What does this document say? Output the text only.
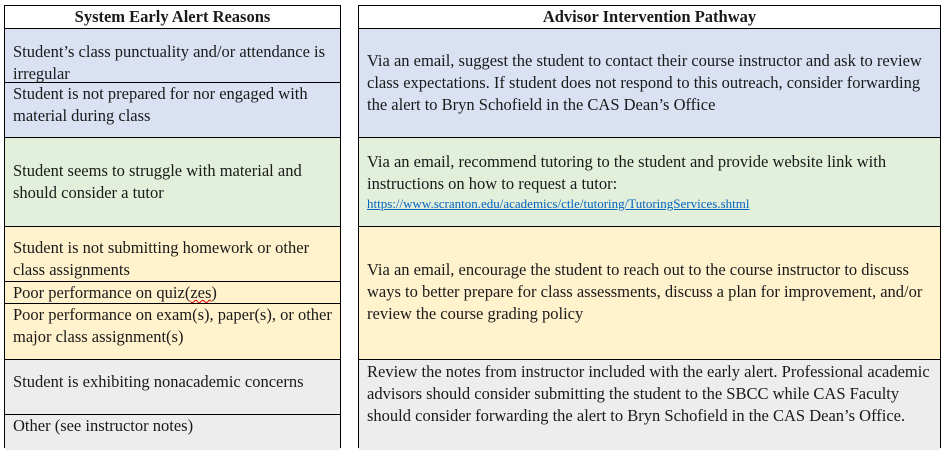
System Early Alert Reasons
Student’s class punctuality and/or attendance is irregular
Student is not prepared for nor engaged with material during class
Student seems to struggle with material and should consider a tutor
Student is not submitting homework or other class assignments
Poor performance on quiz(zes)
Poor performance on exam(s), paper(s), or other major class assignment(s)
Student is exhibiting nonacademic concerns
Other (see instructor notes)
Advisor Intervention Pathway
Via an email, suggest the student to contact their course instructor and ask to review class expectations. If student does not respond to this outreach, consider forwarding the alert to Bryn Schofield in the CAS Dean’s Office
Via an email, recommend tutoring to the student and provide website link with instructions on how to request a tutor:
https://www.scranton.edu/academics/ctle/tutoring/TutoringServices.shtml
Via an email, encourage the student to reach out to the course instructor to discuss ways to better prepare for class assessments, discuss a plan for improvement, and/or review the course grading policy
Review the notes from instructor included with the early alert. Professional academic advisors should consider submitting the student to the SBCC while CAS Faculty should consider forwarding the alert to Bryn Schofield in the CAS Dean’s Office.
